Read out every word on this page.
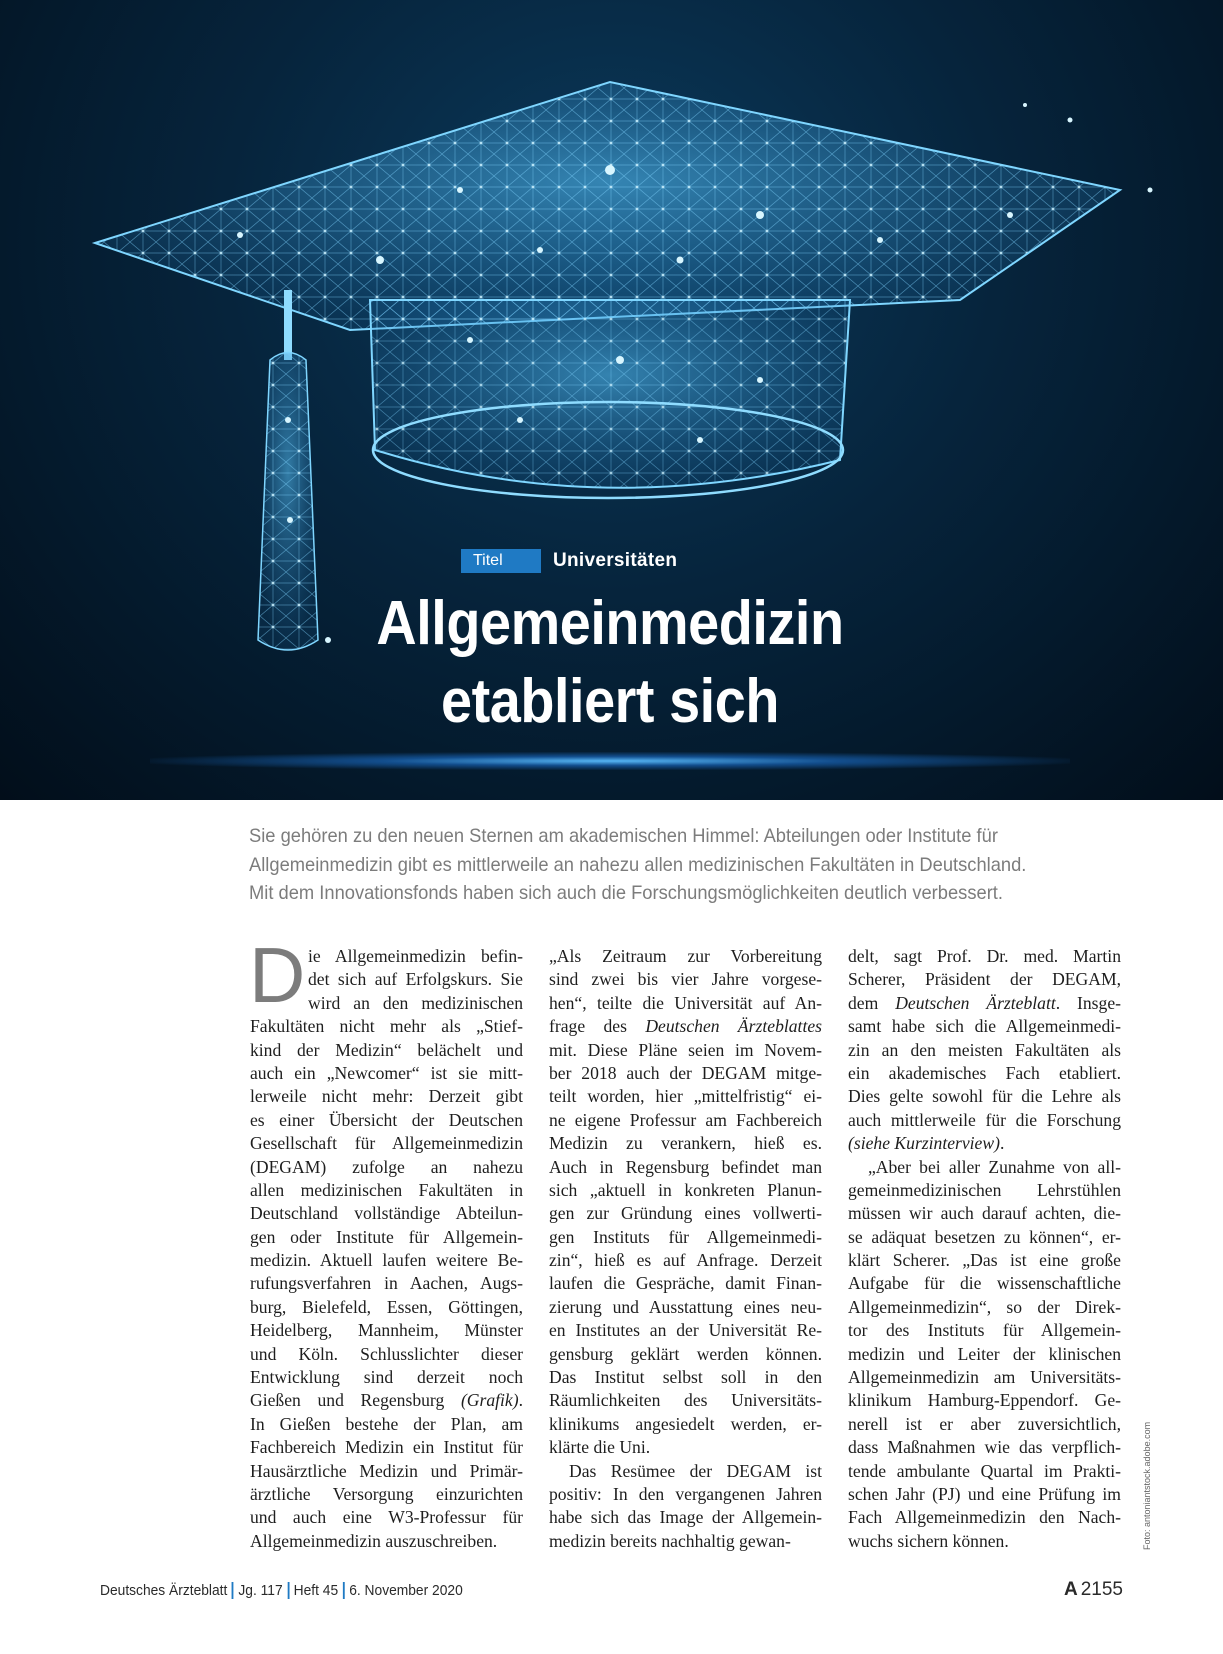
Titel	Universitäten
Allgemeinmedizin
etabliert sich
Sie gehören zu den neuen Sternen am akademischen Himmel: Abteilungen oder Institute für
Allgemeinmedizin gibt es mittlerweile an nahezu allen medizinischen Fakultäten in Deutschland.
Mit dem Innovationsfonds haben sich auch die Forschungsmöglichkeiten deutlich verbessert.
D ie Allgemeinmedizin befin-
det sich auf Erfolgskurs. Sie
wird an den medizinischen
Fakultäten nicht mehr als „Stief-
kind der Medizin“ belächelt und
auch ein „Newcomer“ ist sie mitt-
lerweile nicht mehr: Derzeit gibt
es einer Übersicht der Deutschen
Gesellschaft für Allgemeinmedizin
(DEGAM) zufolge an nahezu
allen medizinischen Fakultäten in
Deutschland vollständige Abteilun-
gen oder Institute für Allgemein-
medizin. Aktuell laufen weitere Be-
rufungsverfahren in Aachen, Augs-
burg, Bielefeld, Essen, Göttingen,
Heidelberg, Mannheim, Münster
und Köln. Schlusslichter dieser
Entwicklung sind derzeit noch
Gießen und Regensburg (Grafik).
In Gießen bestehe der Plan, am
Fachbereich Medizin ein Institut für
Hausärztliche Medizin und Primär-
ärztliche Versorgung einzurichten
und auch eine W3-Professur für
Allgemeinmedizin auszuschreiben.
„Als Zeitraum zur Vorbereitung
sind zwei bis vier Jahre vorgese-
hen“, teilte die Universität auf An-
frage des Deutschen Ärzteblattes
mit. Diese Pläne seien im Novem-
ber 2018 auch der DEGAM mitge-
teilt worden, hier „mittelfristig“ ei-
ne eigene Professur am Fachbereich
Medizin zu verankern, hieß es.
Auch in Regensburg befindet man
sich „aktuell in konkreten Planun-
gen zur Gründung eines vollwerti-
gen Instituts für Allgemeinmedi-
zin“, hieß es auf Anfrage. Derzeit
laufen die Gespräche, damit Finan-
zierung und Ausstattung eines neu-
en Institutes an der Universität Re-
gensburg geklärt werden können.
Das Institut selbst soll in den
Räumlichkeiten des Universitäts-
klinikums angesiedelt werden, er-
klärte die Uni.
Das Resümee der DEGAM ist
positiv: In den vergangenen Jahren
habe sich das Image der Allgemein-
medizin bereits nachhaltig gewan-
delt, sagt Prof. Dr. med. Martin
Scherer, Präsident der DEGAM,
dem Deutschen Ärzteblatt. Insge-
samt habe sich die Allgemeinmedi-
zin an den meisten Fakultäten als
ein akademisches Fach etabliert.
Dies gelte sowohl für die Lehre als
auch mittlerweile für die Forschung
(siehe Kurzinterview).
„Aber bei aller Zunahme von all-
gemeinmedizinischen Lehrstühlen
müssen wir auch darauf achten, die-
se adäquat besetzen zu können“, er-
klärt Scherer. „Das ist eine große
Aufgabe für die wissenschaftliche
Allgemeinmedizin“, so der Direk-
tor des Instituts für Allgemein-
medizin und Leiter der klinischen
Allgemeinmedizin am Universitäts-
klinikum Hamburg-Eppendorf. Ge-
nerell ist er aber zuversichtlich,
dass Maßnahmen wie das verpflich-
tende ambulante Quartal im Prakti-
schen Jahr (PJ) und eine Prüfung im
Fach Allgemeinmedizin den Nach-
wuchs sichern können.	Foto: antoniantstock.adobe.com
Deutsches Ärzteblatt Jg. 117 Heft 45 6. November 2020	A 2155
